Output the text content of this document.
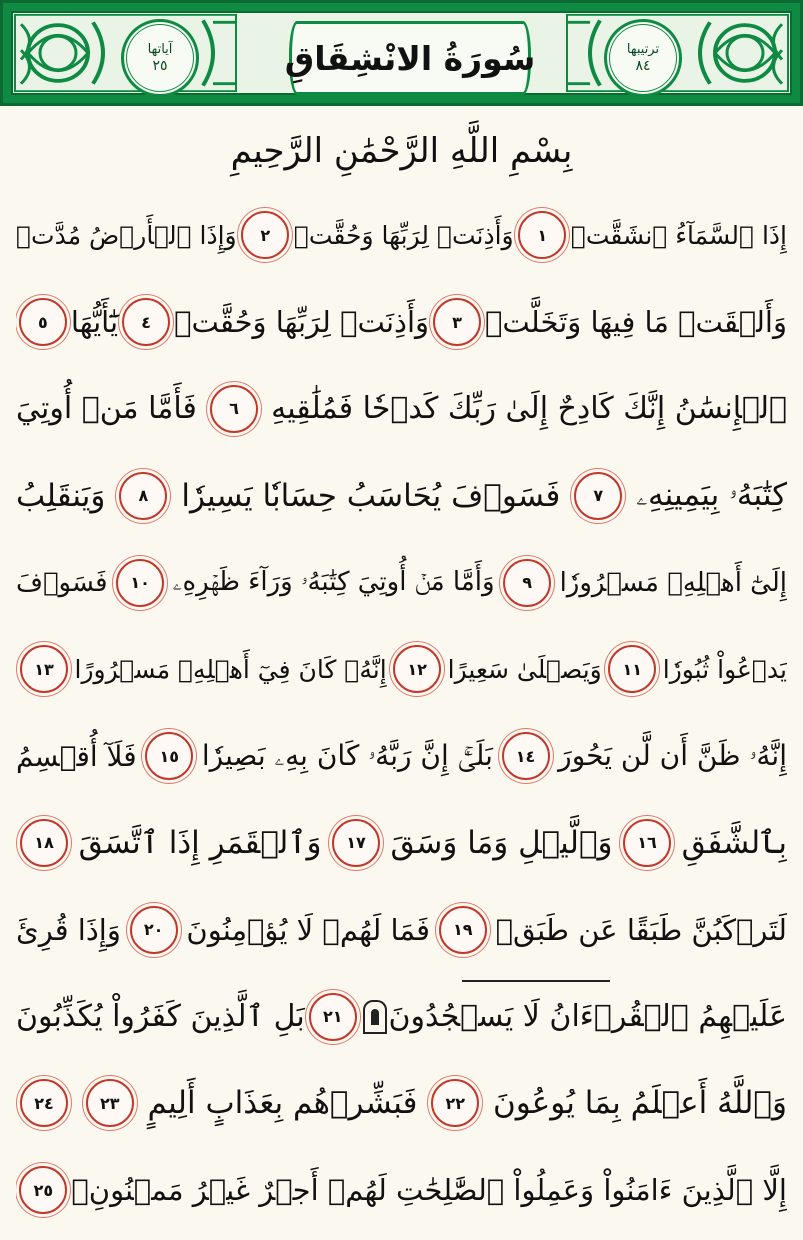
آياتها
٢٥	سُورَةُ الانْشِقَاقِ	ترتيبها
٨٤
بِسْمِ اللَّهِ الرَّحْمَٰنِ الرَّحِيمِ
إِذَا ٱلسَّمَآءُ ٱنشَقَّتۡ
١
وَأَذِنَتۡ لِرَبِّهَا وَحُقَّتۡ
٢
وَإِذَا ٱلۡأَرۡضُ مُدَّتۡ
وَأَلۡقَتۡ مَا فِيهَا وَتَخَلَّتۡ
٣
وَأَذِنَتۡ لِرَبِّهَا وَحُقَّتۡ
٤
يَٰٓأَيُّهَا
٥
ٱلۡإِنسَٰنُ إِنَّكَ كَادِحٌ إِلَىٰ رَبِّكَ كَدۡحٗا فَمُلَٰقِيهِ
٦
فَأَمَّا مَنۡ أُوتِيَ
كِتَٰبَهُۥ بِيَمِينِهِۦ
٧
فَسَوۡفَ يُحَاسَبُ حِسَابٗا يَسِيرٗا
٨
وَيَنقَلِبُ
إِلَىٰٓ أَهۡلِهِۦ مَسۡرُورٗا
٩
وَأَمَّا مَنۡ أُوتِيَ كِتَٰبَهُۥ وَرَآءَ ظَهۡرِهِۦ
١٠
فَسَوۡفَ
يَدۡعُواْ ثُبُورٗا
١١
وَيَصۡلَىٰ سَعِيرًا
١٢
إِنَّهُۥ كَانَ فِيٓ أَهۡلِهِۦ مَسۡرُورًا
١٣
إِنَّهُۥ ظَنَّ أَن لَّن يَحُورَ
١٤
بَلَىٰٓۚ إِنَّ رَبَّهُۥ كَانَ بِهِۦ بَصِيرٗا
١٥
فَلَآ أُقۡسِمُ
بِٱلشَّفَقِ
١٦
وَٱلَّيۡلِ وَمَا وَسَقَ
١٧
وَٱلۡقَمَرِ إِذَا ٱتَّسَقَ
١٨
لَتَرۡكَبُنَّ طَبَقًا عَن طَبَقٖ
١٩
فَمَا لَهُمۡ لَا يُؤۡمِنُونَ
٢٠
وَإِذَا قُرِئَ
عَلَيۡهِمُ ٱلۡقُرۡءَانُ لَا يَسۡجُدُونَ
٢١
بَلِ ٱلَّذِينَ كَفَرُواْ يُكَذِّبُونَ
وَٱللَّهُ أَعۡلَمُ بِمَا يُوعُونَ
٢٢
فَبَشِّرۡهُم بِعَذَابٍ أَلِيمٍ
٢٣
٢٤
إِلَّا ٱلَّذِينَ ءَامَنُواْ وَعَمِلُواْ ٱلصَّٰلِحَٰتِ لَهُمۡ أَجۡرٌ غَيۡرُ مَمۡنُونِۭ
٢٥
